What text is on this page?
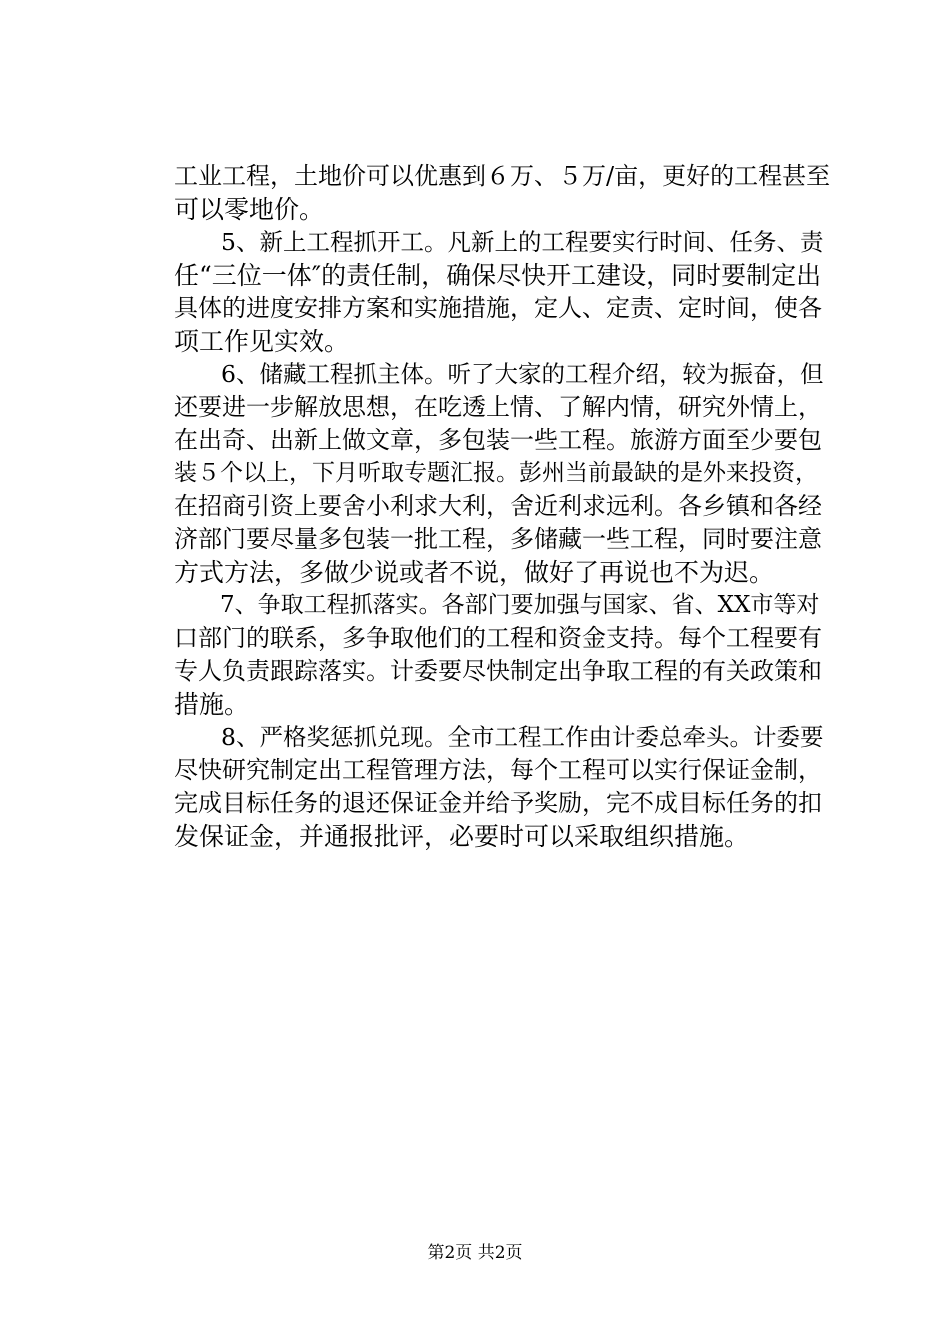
工业工程，土地价可以优惠到６万、５万/亩，更好的工程甚至
可以零地价。
　　5、新上工程抓开工。凡新上的工程要实行时间、任务、责
任“三位一体″的责任制，确保尽快开工建设，同时要制定出
具体的进度安排方案和实施措施，定人、定责、定时间，使各
项工作见实效。
　　6、储藏工程抓主体。听了大家的工程介绍，较为振奋，但
还要进一步解放思想，在吃透上情、了解内情，研究外情上，
在出奇、出新上做文章，多包装一些工程。旅游方面至少要包
装５个以上，下月听取专题汇报。彭州当前最缺的是外来投资，
在招商引资上要舍小利求大利，舍近利求远利。各乡镇和各经
济部门要尽量多包装一批工程，多储藏一些工程，同时要注意
方式方法，多做少说或者不说，做好了再说也不为迟。
　　7、争取工程抓落实。各部门要加强与国家、省、XX市等对
口部门的联系，多争取他们的工程和资金支持。每个工程要有
专人负责跟踪落实。计委要尽快制定出争取工程的有关政策和
措施。
　　8、严格奖惩抓兑现。全市工程工作由计委总牵头。计委要
尽快研究制定出工程管理方法，每个工程可以实行保证金制，
完成目标任务的退还保证金并给予奖励，完不成目标任务的扣
发保证金，并通报批评，必要时可以采取组织措施。
第2页 共2页
